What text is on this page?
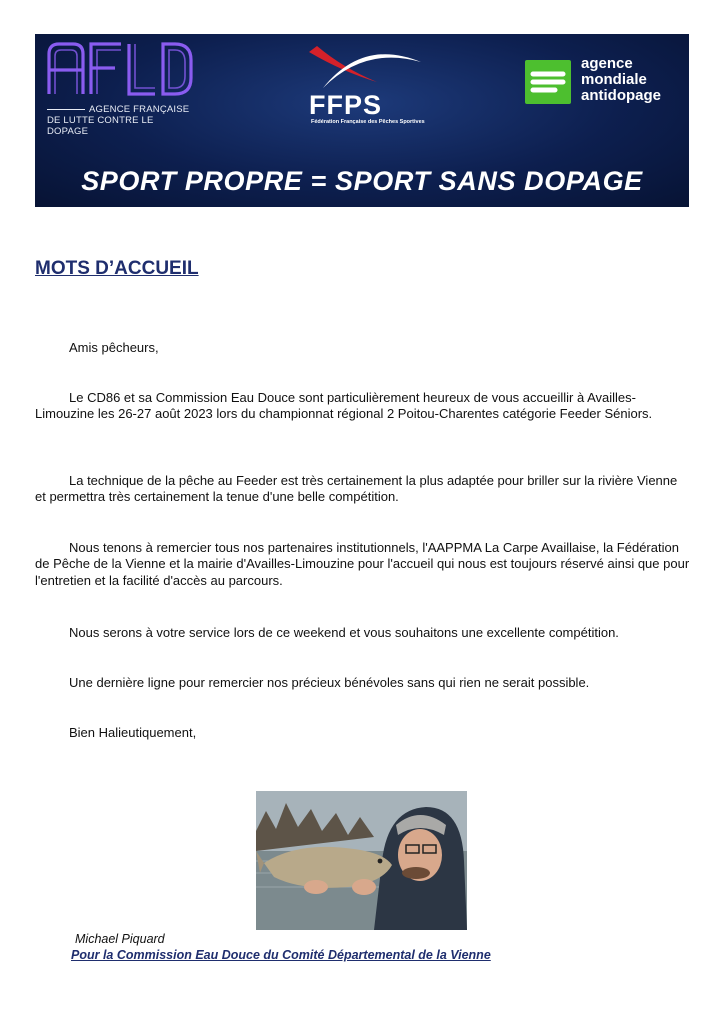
AGENCE FRANÇAISE
DE LUTTE CONTRE LE DOPAGE
FFPS
Fédération Française des Pêches Sportives
agence
mondiale
antidopage
SPORT PROPRE = SPORT SANS DOPAGE
MOTS D’ACCUEIL

Amis pêcheurs,

Le CD86 et sa Commission Eau Douce sont particulièrement heureux de vous accueillir à Availles-Limouzine les 26-27 août 2023 lors du championnat régional 2 Poitou-Charentes catégorie Feeder Séniors.

La technique de la pêche au Feeder est très certainement la plus adaptée pour briller sur la rivière Vienne et permettra très certainement la tenue d'une belle compétition.

Nous tenons à remercier tous nos partenaires institutionnels, l'AAPPMA La Carpe Availlaise, la Fédération de Pêche de la Vienne et la mairie d'Availles-Limouzine pour l'accueil qui nous est toujours réservé ainsi que pour l'entretien et la facilité d'accès au parcours.

Nous serons à votre service lors de ce weekend et vous souhaitons une excellente compétition.

Une dernière ligne pour remercier nos précieux bénévoles sans qui rien ne serait possible.

Bien Halieutiquement,

Michael Piquard

Pour la Commission Eau Douce du Comité Départemental de la Vienne
